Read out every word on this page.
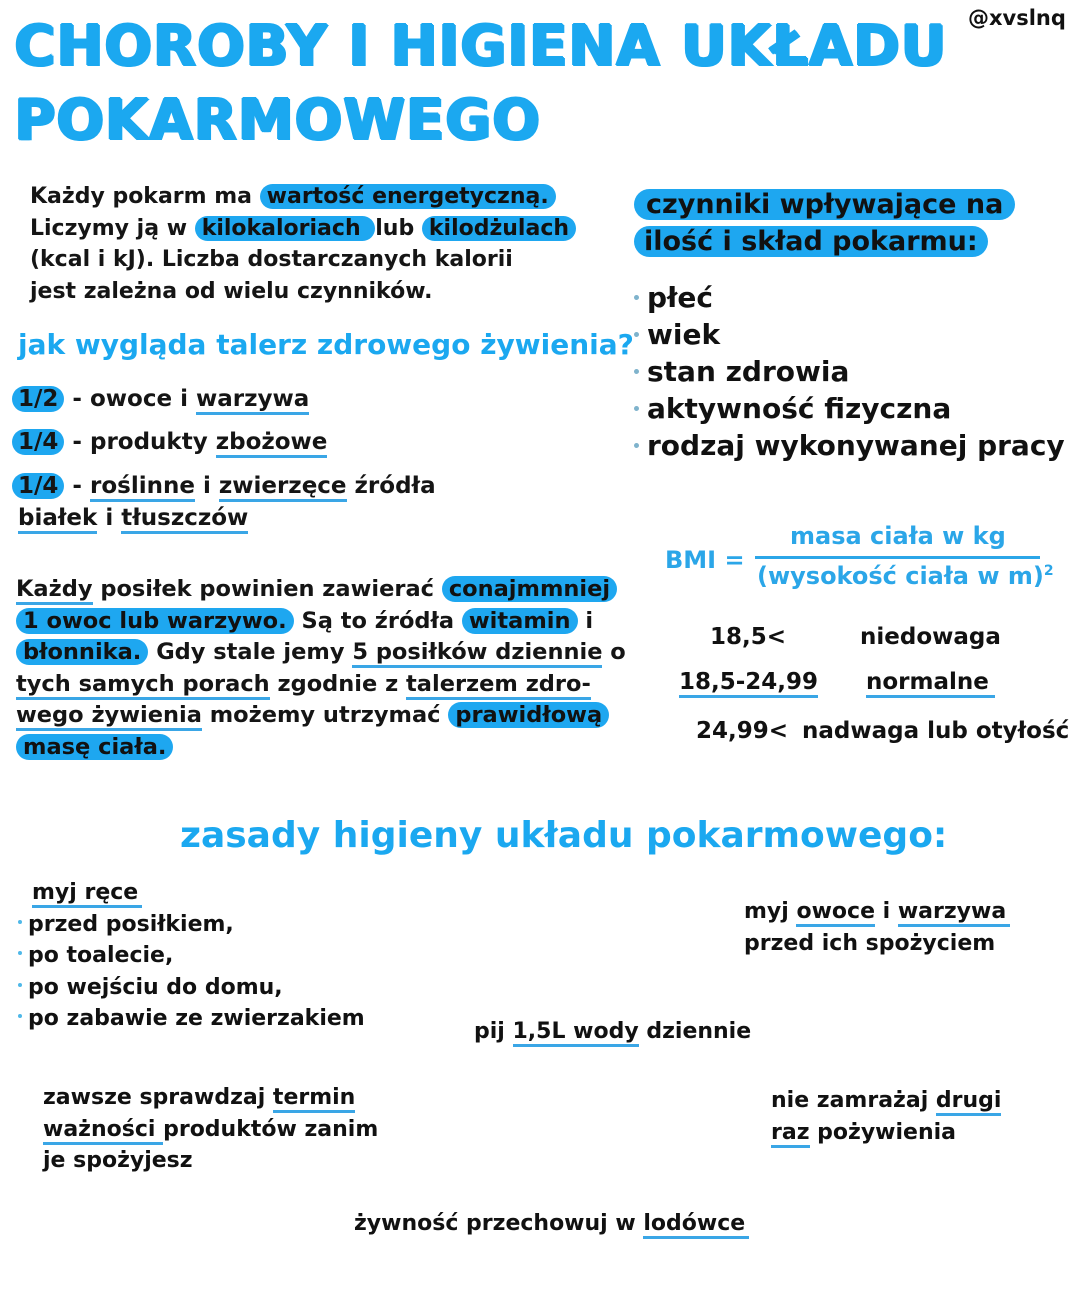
CHOROBY I HIGIENA UKŁADU
POKARMOWEGO
@xvslnq
Każdy pokarm ma wartość energetyczną.
Liczymy ją w kilokaloriach lub kilodżulach
(kcal i kJ). Liczba dostarczanych kalorii
jest zależna od wielu czynników.
jak wygląda talerz zdrowego żywienia?
1/2 - owoce i warzywa
1/4 - produkty zbożowe
1/4 - roślinne i zwierzęce źródła
białek i tłuszczów
Każdy posiłek powinien zawierać conajmmniej
1 owoc lub warzywo. Są to źródła witamin i
błonnika. Gdy stale jemy 5 posiłków dziennie o
tych samych porach zgodnie z talerzem zdro-
wego żywienia możemy utrzymać prawidłową
masę ciała.
czynniki wpływające na
ilość i skład pokarmu:
płeć
wiek
stan zdrowia
aktywność fizyczna
rodzaj wykonywanej pracy
BMI =
masa ciała w kg
(wysokość ciała w m)$^2$
18,5<	niedowaga
18,5-24,99 normalne
24,99< nadwaga lub otyłość
zasady higieny układu pokarmowego:
myj ręce
przed posiłkiem,
po toalecie,
po wejściu do domu,
po zabawie ze zwierzakiem
myj owoce i warzywa
przed ich spożyciem
pij 1,5L wody dziennie
zawsze sprawdzaj termin
ważności produktów zanim
je spożyjesz
nie zamrażaj drugi
raz pożywienia
żywność przechowuj w lodówce
